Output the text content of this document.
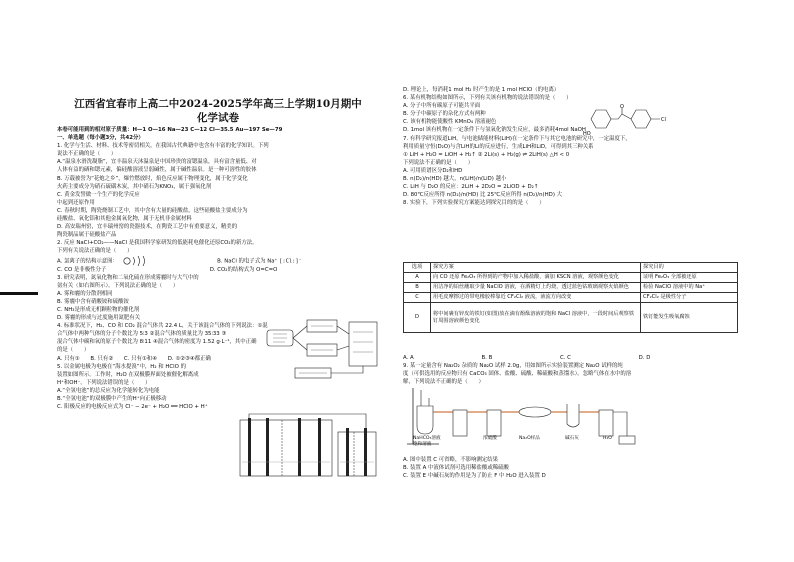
江西省宜春市上高二中2024-2025学年高三上学期10月期中
化学试卷

本卷可能用到的相对原子质量：H—1 O—16 Na—23 C—12 Cl—35.5 Au—197 Se—79

一、单选题（每小题3分，共42分）

1. 化学与生活、材料、技术等密切相关，在我国古代典籍中也含有丰富的化学知识。下列

说法不正确的是（　　）

A.“温泉水滑洗凝脂”，宜丰温泉天沐温泉是中国珍贵的富锶温泉，具有富含量低、对

人体有益的硒和锶元素，偏硅酸溶液呈弱碱性，属于碱性温泉。是一种可溶性的胶体

B. 万载被誉为“花炮之乡”，爆竹燃放时，焰色反应属于物理变化，属于化学变化

火药主要成分为硝石硫磺木炭，其中硝石为KNO₃，属于强氧化剂

C. 黄金发誓做一个生产的化学反应

中起到还原作用

C. 春秋时期，陶瓷烧制工艺中，其中含有大量的硅酸盐，这些硅酸盐主要成分为

硅酸盐、氧化铝和其他金属氧化物，属于无机非金属材料

D. 高安瑞州窑，宜丰瑞州窑的瓷器技术，在陶瓷工艺中有重要意义，精美的

陶瓷制品属于硅酸盐产品

2. 反应 NaCl+CO₂——NaCl 是我国科学家研发的低能耗电催化还原CO₂的新方法。

下列有关说法正确的是（　　）

A. 氯离子的结构示意图：	B. NaCl 的电子式为 Na⁺ [:Cl:]⁻

C. CO 是非极性分子	D. CO₂的结构式为 O=C=O

3. 研究表明，氮氧化物和二氧化硫在形成雾霾时与大气中的

氨有关（如右图所示）。下列说法正确的是（　　）

A. 雾和霾的分散剂相同

B. 雾霾中含有硝酸铵和硫酸铵

C. NH₃是形成无机颗粒物的催化剂

D. 雾霾的形成与过度施用氮肥有关

4. 标准状况下，H₂、CO 和 CO₂ 混合气体共 22.4 L，关于该混合气体的下列说法：①混

合气体中两种气体的分子个数比为 5∶3 ②混合气体的质量比为 35∶33 ③

混合气体中碳和氧的原子个数比为 8∶11 ④混合气体的密度为 1.52 g·L⁻¹，其中正确

的是（　　）

A. 只有①　　B. 只有②　　C. 只有①和④　　D. ①②③④都正确

5. 以金属电极为电极在“海水提溴”中，H₂ 和 HClO 的

装置如图所示。工作时，H₂O 在双极膜界面处被催化解离成

H⁺和OH⁻。下列说法错误的是（　　）

A.“全氢电池”的总反应为化学能转化为电能

B.“全氢电池”的双极膜中产生的H⁺向正极移动

C. 阳极反应的电极反应式为 Cl⁻ − 2e⁻ + H₂O ══ HClO + H⁺

D. 理论上，每消耗1 mol H₂ 时产生的是 1 mol HClO（的电离）

6. 某有机物结构如图所示，下列有关该有机物的说法错误的是（　　）

A. 分子中所有碳原子可能共平面

B. 分子中碳原子的杂化方式有两种

C. 该有机物能使酸性 KMnO₄ 溶液褪色

D. 1mol 该有机物在一定条件下与氢氧化钠发生反应，最多消耗4mol NaOH

7. 有科学研究报道LiH，与电池储能材料(LiH)在一定条件下与其它电池的研究中，一定温度下，

利用质量守恒(D₂O)与含LiH的Li的反应进行，生成LiH和LiD，可得到其三种关系

① LiH + H₂O = LiOH + H₂↑ ② 2Li(s) + H₂(g) ⇌ 2LiH(s) △H < 0

下列说法不正确的是（　　）

A. 可用质谱区分D₂和HD

B. n(D₂)/n(HD) 越大，n(LiH)/n(LiD) 越小

C. LiH 与 D₂O 的反应：2LiH + 2D₂O = 2LiOD + D₂↑

D. 80℃反应所得 n(D₂)/n(HD) 比 25℃反应所得 n(D₂)/n(HD) 大

8. 实验下，下列实验探究方案能达到探究目的的是（　　）

HO
O
Cl
选项	探究方案	探究目的
A	向 CO 还原 Fe₂O₃ 所得到的产物中加入稀盐酸，滴加 KSCN 溶液，观察颜色变化	证明 Fe₂O₃ 全部被还原
B	用洁净的铂丝蘸取少量 NaClO 溶液，在酒精灯上灼烧，透过蓝色钴玻璃观察火焰颜色	检验 NaClO 溶液中的 Na⁺
C	用毛皮摩擦过的带电橡胶棒靠近 CF₂Cl₂ 液流，液流方向改变	CF₂Cl₂ 是极性分子
D	将中间裹有锌皮的铁钉(如图)放在滴有酚酞溶液的饱和 NaCl 溶液中，一段时间后观察铁钉周围溶液颜色变化	铁钉能发生吸氧腐蚀

A. A	B. B	C. C	D. D

9. 某一定量含有 Na₂O₂ 杂质的 Na₂O 试样 2.0g，用如图所示实验装置测定 Na₂O 试样的纯

度（可供选用的反应物只有 CaCO₃ 固体、盐酸、硫酸、稀硫酸和蒸馏水）。忽略气体在水中的溶

解，下列说法不正确的是（　　）

NaHCO₃溶液
饱和溶液
浓硫酸	Na₂O样品	碱石灰	H₂O

A. 图中装置 C 可省略，不影响测定结果

B. 装置 A 中液体试剂可选用稀盐酸或稀硫酸

C. 装置 E 中碱石灰的作用是为了防止 F 中 H₂O 进入装置 D
